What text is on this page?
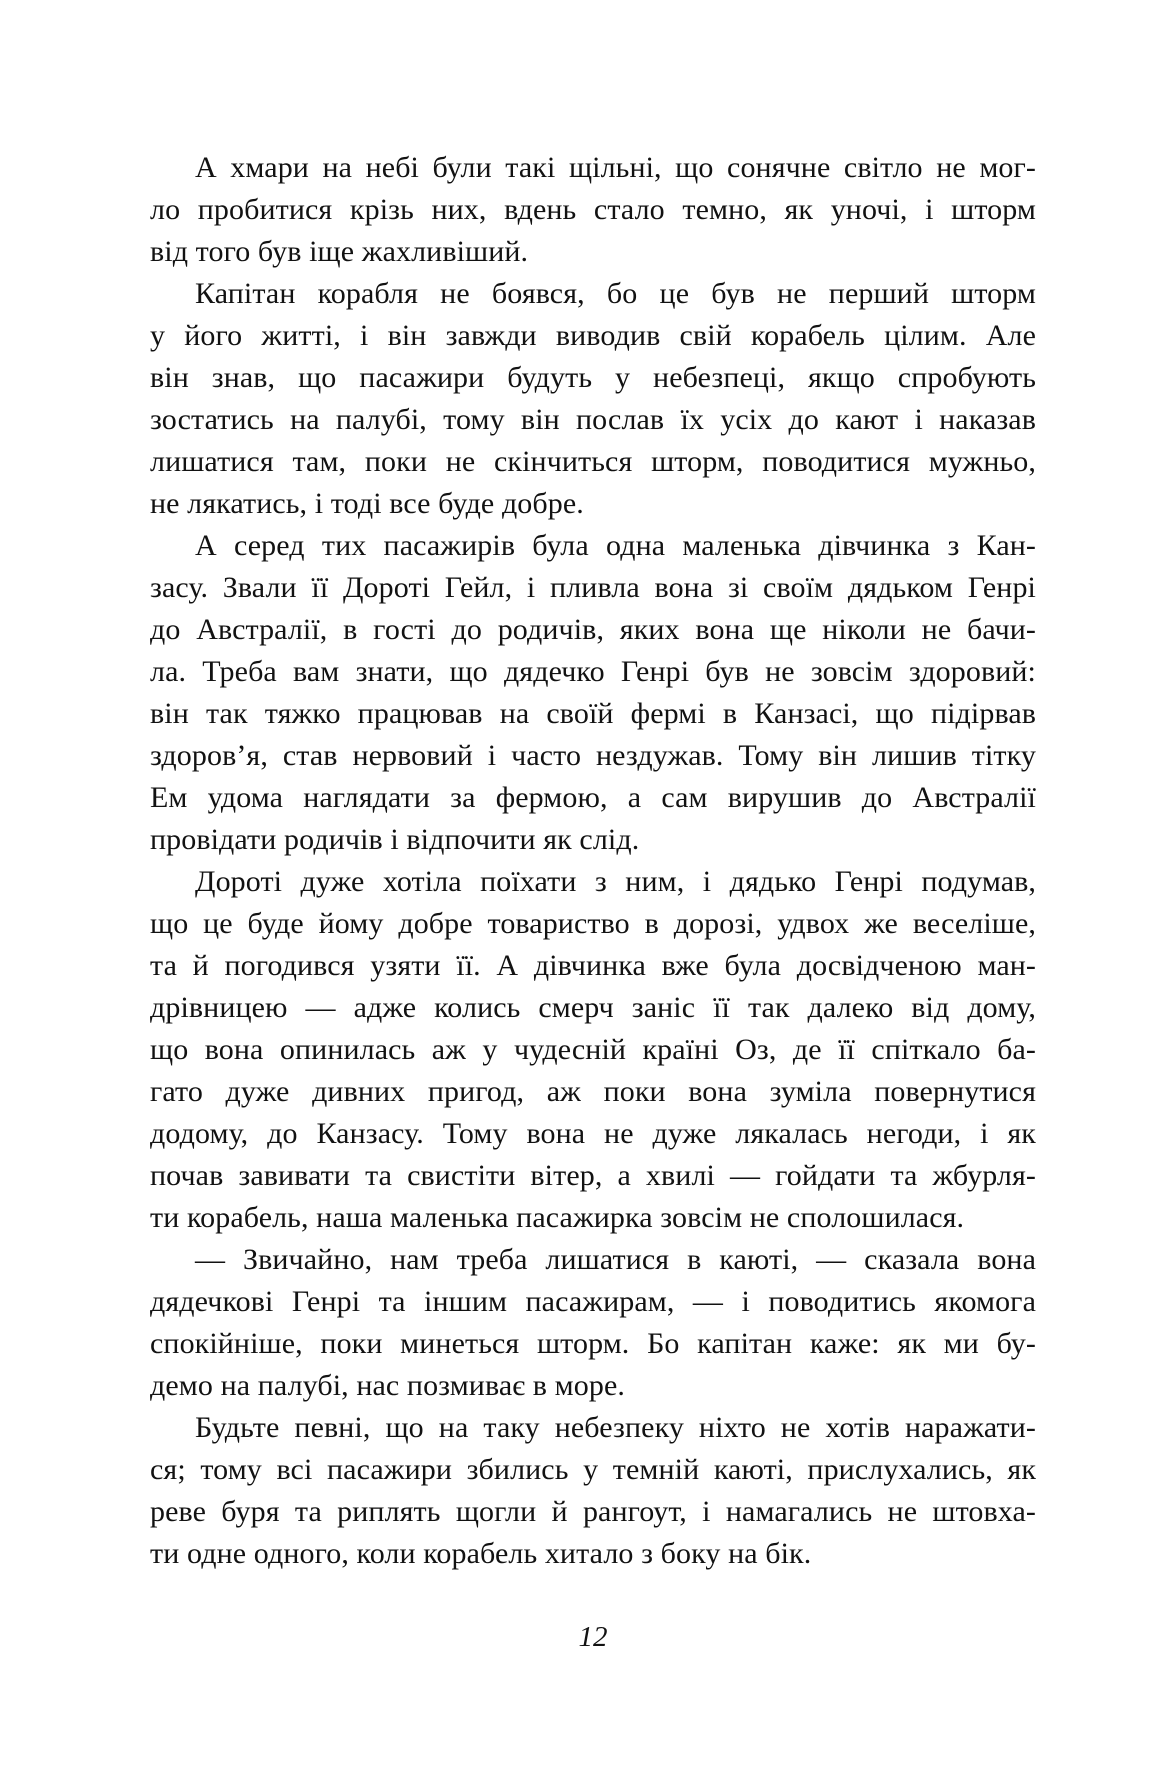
А хмари на небі були такі щільні, що сонячне світло не мог-
ло пробитися крізь них, вдень стало темно, як уночі, і шторм
від того був іще жахливіший.
Капітан корабля не боявся, бо це був не перший шторм
у його житті, і він завжди виводив свій корабель цілим. Але
він знав, що пасажири будуть у небезпеці, якщо спробують
зостатись на палубі, тому він послав їх усіх до кают і наказав
лишатися там, поки не скінчиться шторм, поводитися мужньо,
не лякатись, і тоді все буде добре.
А серед тих пасажирів була одна маленька дівчинка з Кан-
засу. Звали її Дороті Гейл, і пливла вона зі своїм дядьком Генрі
до Австралії, в гості до родичів, яких вона ще ніколи не бачи-
ла. Треба вам знати, що дядечко Генрі був не зовсім здоровий:
він так тяжко працював на своїй фермі в Канзасі, що підірвав
здоров’я, став нервовий і часто нездужав. Тому він лишив тітку
Ем удома наглядати за фермою, а сам вирушив до Австралії
провідати родичів і відпочити як слід.
Дороті дуже хотіла поїхати з ним, і дядько Генрі подумав,
що це буде йому добре товариство в дорозі, удвох же веселіше,
та й погодився узяти її. А дівчинка вже була досвідченою ман-
дрівницею — адже колись смерч заніс її так далеко від дому,
що вона опинилась аж у чудесній країні Оз, де її спіткало ба-
гато дуже дивних пригод, аж поки вона зуміла повернутися
додому, до Канзасу. Тому вона не дуже лякалась негоди, і як
почав завивати та свистіти вітер, а хвилі — гойдати та жбурля-
ти корабель, наша маленька пасажирка зовсім не сполошилася.
— Звичайно, нам треба лишатися в каюті, — сказала вона
дядечкові Генрі та іншим пасажирам, — і поводитись якомога
спокійніше, поки минеться шторм. Бо капітан каже: як ми бу-
демо на палубі, нас позмиває в море.
Будьте певні, що на таку небезпеку ніхто не хотів наражати-
ся; тому всі пасажири збились у темній каюті, прислухались, як
реве буря та риплять щогли й рангоут, і намагались не штовха-
ти одне одного, коли корабель хитало з боку на бік.
12
